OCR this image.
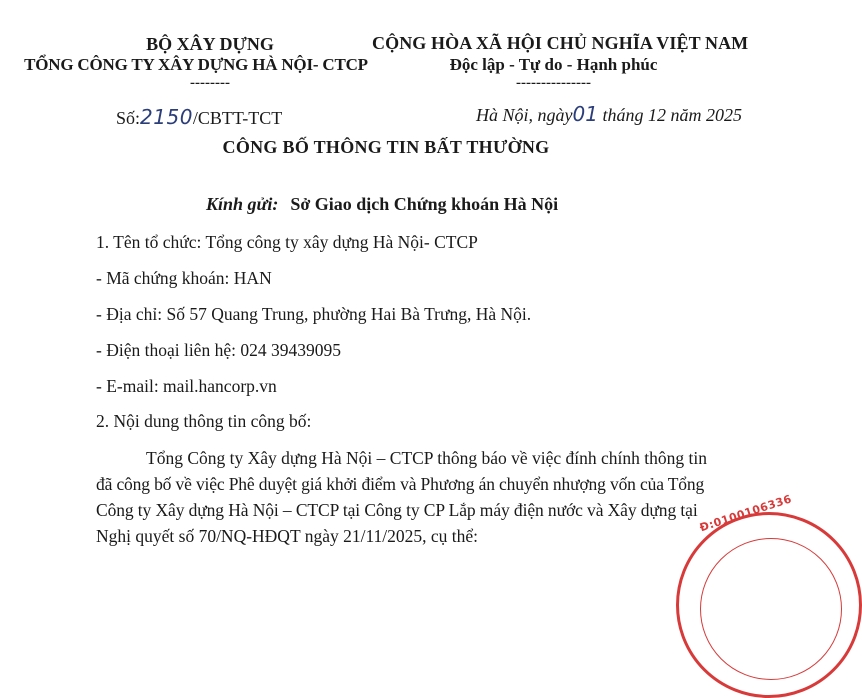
BỘ XÂY DỰNG
TỔNG CÔNG TY XÂY DỰNG HÀ NỘI- CTCP
--------
CỘNG HÒA XÃ HỘI CHỦ NGHĨA VIỆT NAM
Độc lập - Tự do - Hạnh phúc
---------------
Số:2150/CBTT-TCT	Hà Nội, ngày01 tháng 12 năm 2025
CÔNG BỐ THÔNG TIN BẤT THƯỜNG
Kính gửi: Sở Giao dịch Chứng khoán Hà Nội
1. Tên tổ chức: Tổng công ty xây dựng Hà Nội- CTCP
- Mã chứng khoán: HAN
- Địa chỉ: Số 57 Quang Trung, phường Hai Bà Trưng, Hà Nội.
- Điện thoại liên hệ: 024 39439095
- E-mail: mail.hancorp.vn
2. Nội dung thông tin công bố:
Tổng Công ty Xây dựng Hà Nội – CTCP thông báo về việc đính chính thông tin
đã công bố về việc Phê duyệt giá khởi điểm và Phương án chuyển nhượng vốn của Tổng
Công ty Xây dựng Hà Nội – CTCP tại Công ty CP Lắp máy điện nước và Xây dựng tại
Nghị quyết số 70/NQ-HĐQT ngày 21/11/2025, cụ thể:
Đ:0100106336
